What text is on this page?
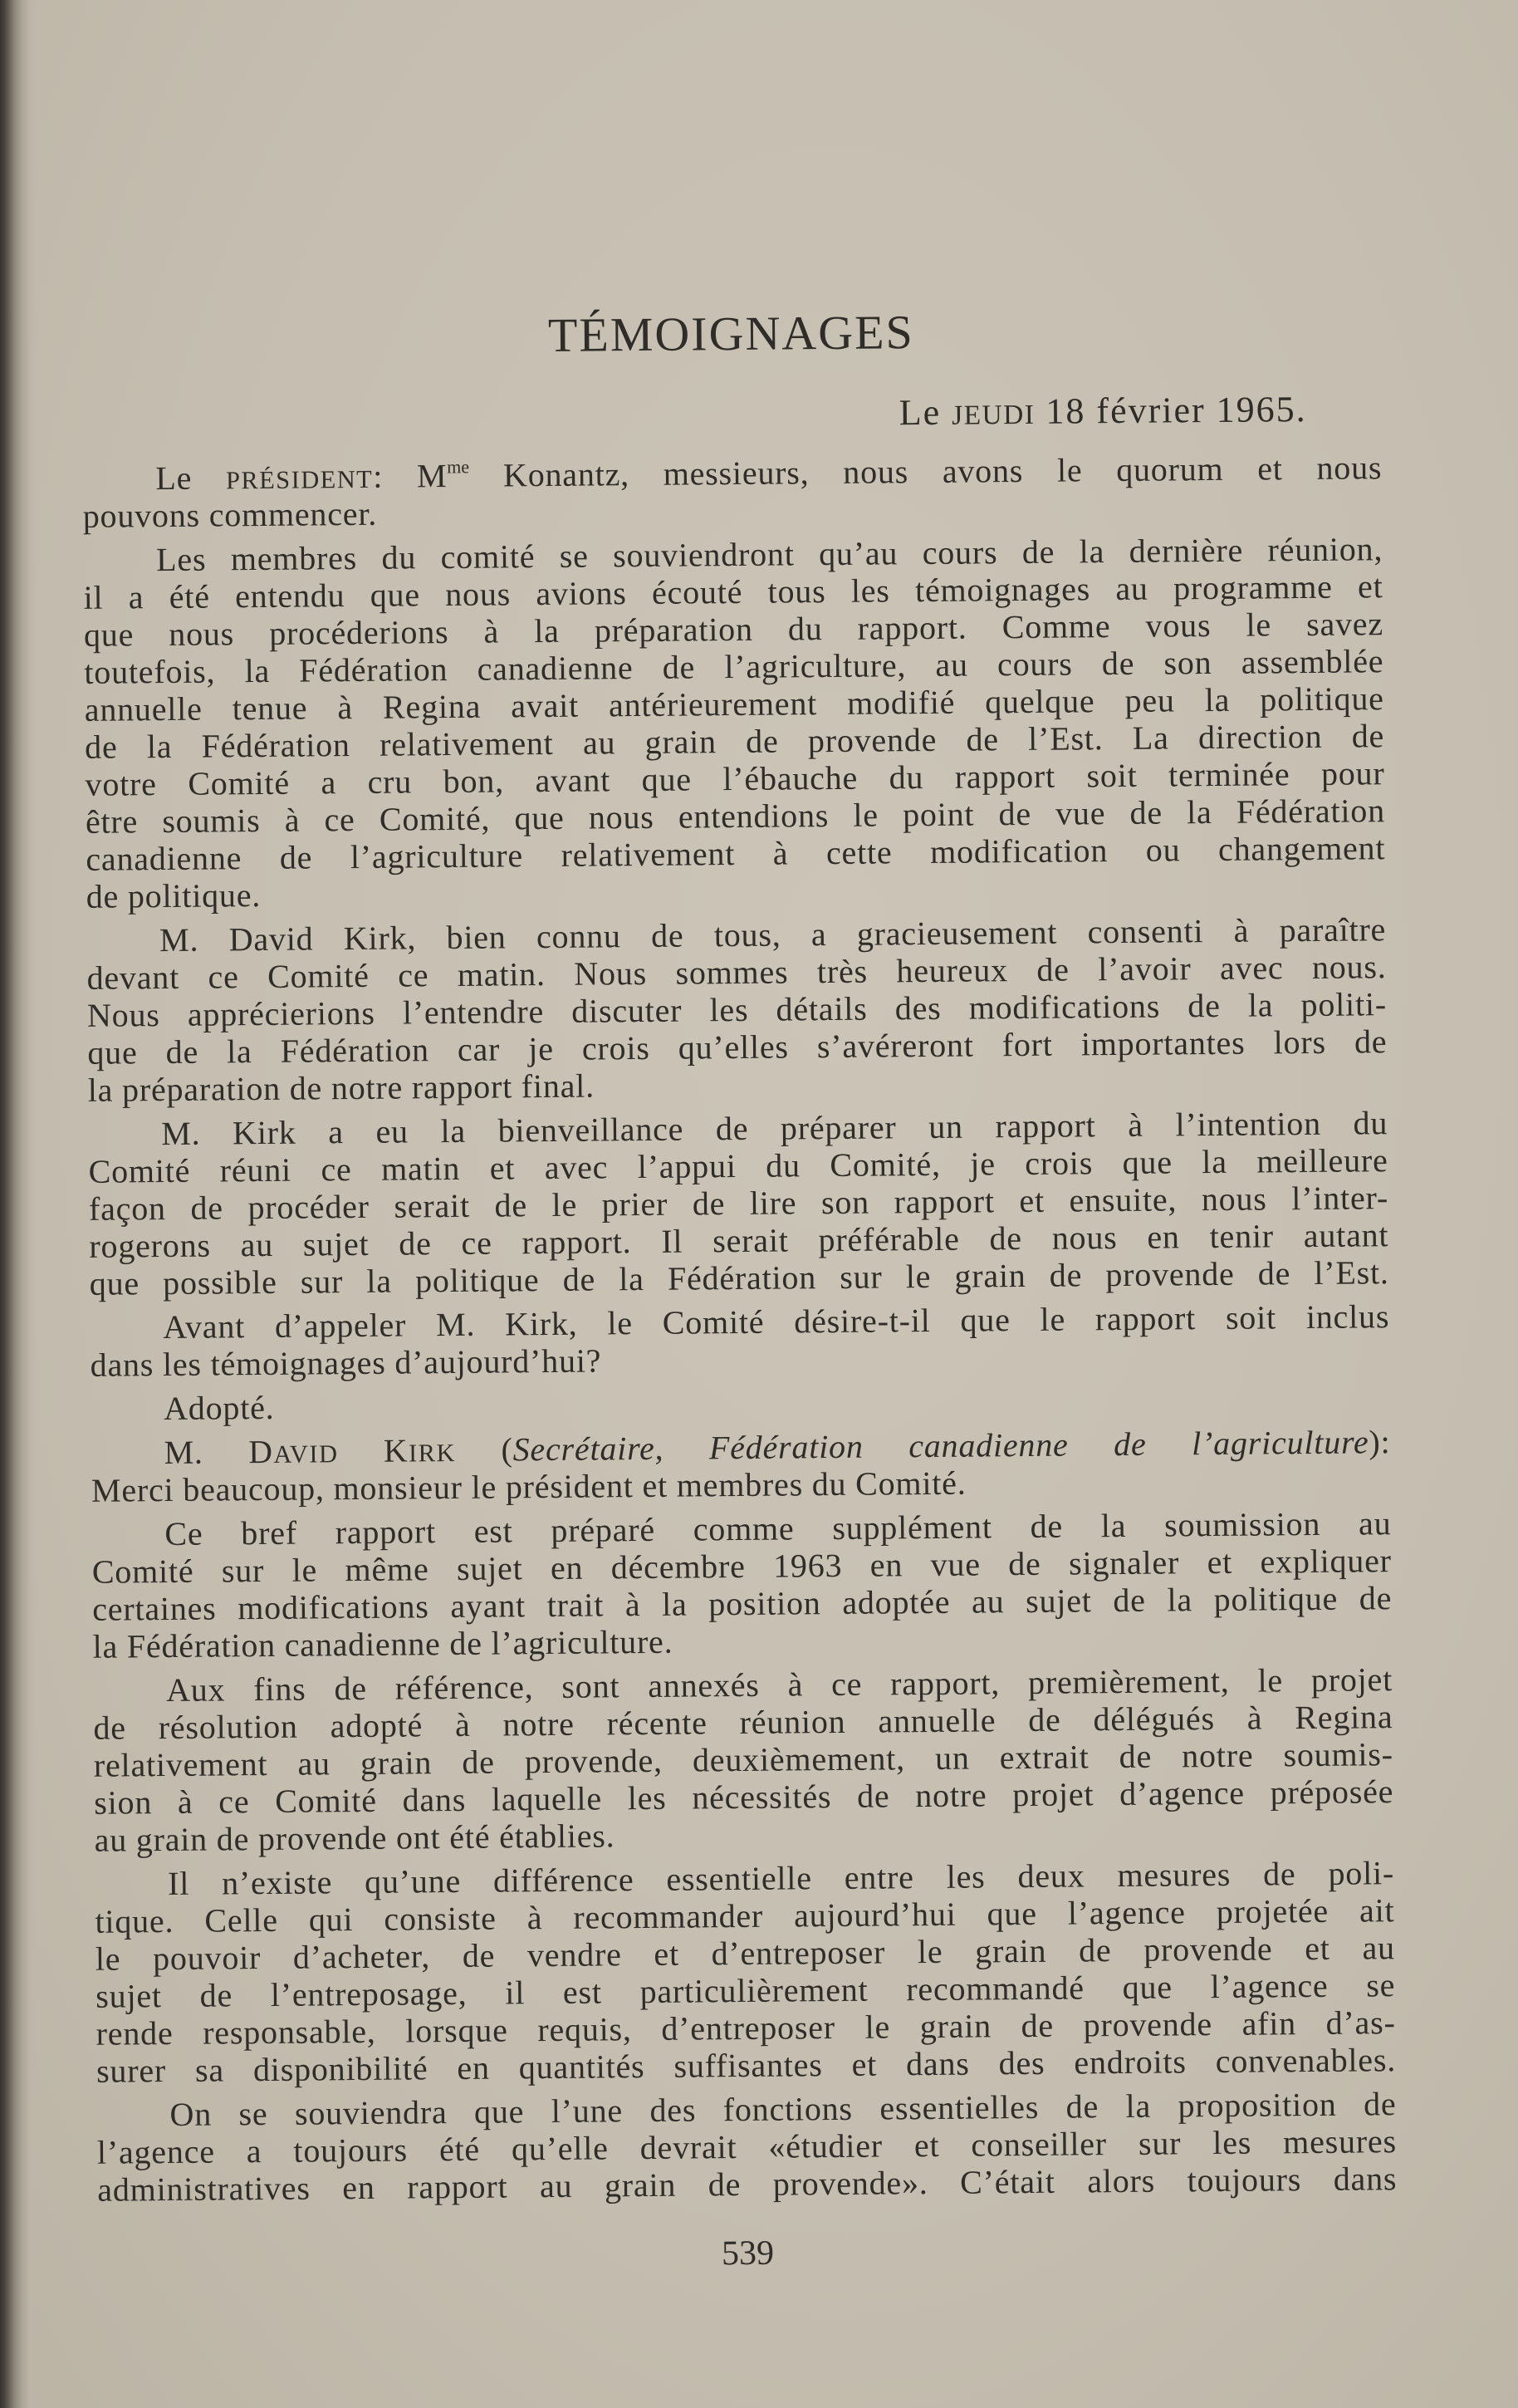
TÉMOIGNAGES
Le JEUDI 18 février 1965.
Le PRÉSIDENT: $M^{me}$ Konantz, messieurs, nous avons le quorum et nous
pouvons commencer.
Les membres du comité se souviendront qu’au cours de la dernière réunion,
il a été entendu que nous avions écouté tous les témoignages au programme et
que nous procéderions à la préparation du rapport. Comme vous le savez
toutefois, la Fédération canadienne de l’agriculture, au cours de son assemblée
annuelle tenue à Regina avait antérieurement modifié quelque peu la politique
de la Fédération relativement au grain de provende de l’Est. La direction de
votre Comité a cru bon, avant que l’ébauche du rapport soit terminée pour
être soumis à ce Comité, que nous entendions le point de vue de la Fédération
canadienne de l’agriculture relativement à cette modification ou changement
de politique.
M. David Kirk, bien connu de tous, a gracieusement consenti à paraître
devant ce Comité ce matin. Nous sommes très heureux de l’avoir avec nous.
Nous apprécierions l’entendre discuter les détails des modifications de la politi-
que de la Fédération car je crois qu’elles s’avéreront fort importantes lors de
la préparation de notre rapport final.
M. Kirk a eu la bienveillance de préparer un rapport à l’intention du
Comité réuni ce matin et avec l’appui du Comité, je crois que la meilleure
façon de procéder serait de le prier de lire son rapport et ensuite, nous l’inter-
rogerons au sujet de ce rapport. Il serait préférable de nous en tenir autant
que possible sur la politique de la Fédération sur le grain de provende de l’Est.
Avant d’appeler M. Kirk, le Comité désire-t-il que le rapport soit inclus
dans les témoignages d’aujourd’hui?
Adopté.
M. DAVID KIRK (Secrétaire, Fédération canadienne de l’agriculture):
Merci beaucoup, monsieur le président et membres du Comité.
Ce bref rapport est préparé comme supplément de la soumission au
Comité sur le même sujet en décembre 1963 en vue de signaler et expliquer
certaines modifications ayant trait à la position adoptée au sujet de la politique de
la Fédération canadienne de l’agriculture.
Aux fins de référence, sont annexés à ce rapport, premièrement, le projet
de résolution adopté à notre récente réunion annuelle de délégués à Regina
relativement au grain de provende, deuxièmement, un extrait de notre soumis-
sion à ce Comité dans laquelle les nécessités de notre projet d’agence préposée
au grain de provende ont été établies.
Il n’existe qu’une différence essentielle entre les deux mesures de poli-
tique. Celle qui consiste à recommander aujourd’hui que l’agence projetée ait
le pouvoir d’acheter, de vendre et d’entreposer le grain de provende et au
sujet de l’entreposage, il est particulièrement recommandé que l’agence se
rende responsable, lorsque requis, d’entreposer le grain de provende afin d’as-
surer sa disponibilité en quantités suffisantes et dans des endroits convenables.
On se souviendra que l’une des fonctions essentielles de la proposition de
l’agence a toujours été qu’elle devrait «étudier et conseiller sur les mesures
administratives en rapport au grain de provende». C’était alors toujours dans
539
